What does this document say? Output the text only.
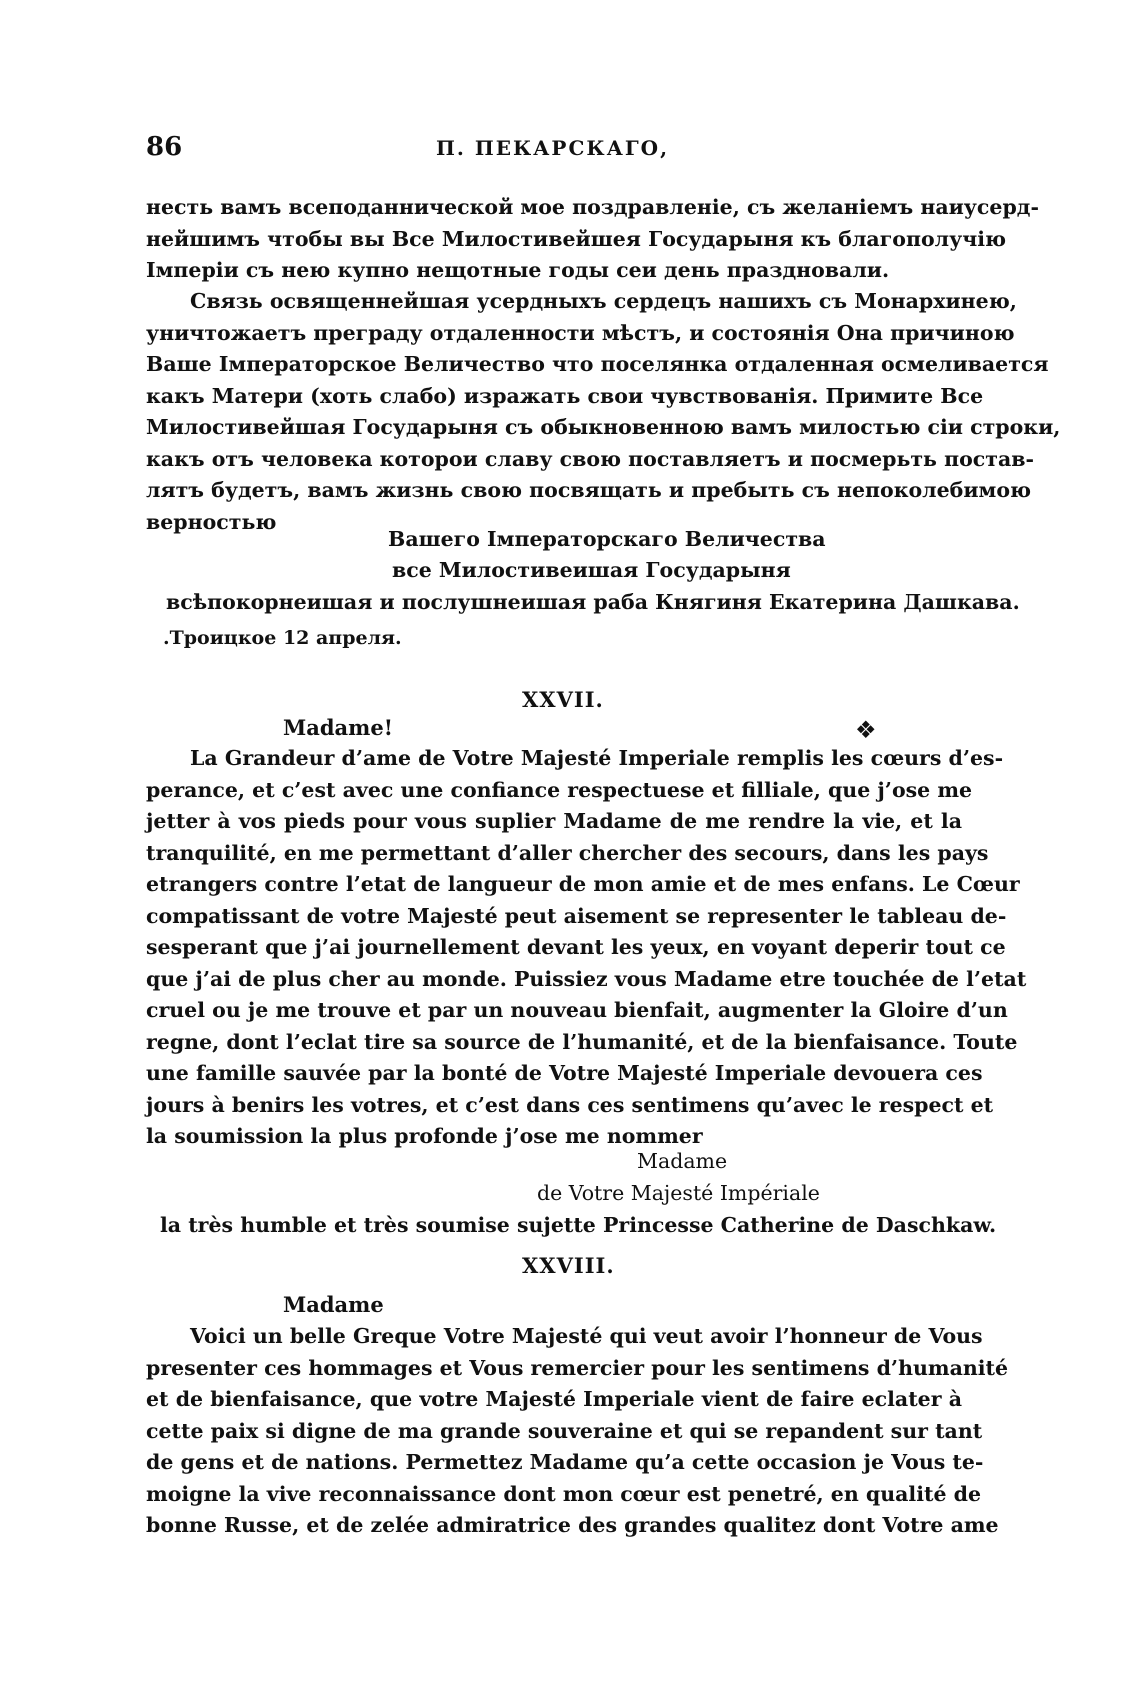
86	П. ПЕКАРСКАГО,
несть вамъ всеподаннической мое поздравленіе, съ желаніемъ наиусерд-
нейшимъ чтобы вы Все Милостивейшея Государыня къ благополучію
Імперіи съ нею купно нещотные годы сеи день праздновали.
Связь освященнейшая усердныхъ сердецъ нашихъ съ Монархинею,
уничтожаетъ преграду отдаленности мѣстъ, и состоянія Она причиною
Ваше Імператорское Величество что поселянка отдаленная осмеливается
какъ Матери (хоть слабо) изражать свои чувствованія. Примите Все
Милостивейшая Государыня съ обыкновенною вамъ милостью сіи строки,
какъ отъ человека которои славу свою поставляетъ и посмерьть постав-
лятъ будетъ, вамъ жизнь свою посвящать и пребыть съ непоколебимою
верностью
Вашего Імператорскаго Величества
все Милостивеишая Государыня
всѣпокорнеишая и послушнеишая раба Княгиня Екатерина Дашкава.
.Троицкое 12 апреля.
XXVII.
Madame!	❖
La Grandeur d’ame de Votre Majesté Imperiale remplis les cœurs d’es-
perance, et c’est avec une confiance respectuese et filliale, que j’ose me
jetter à vos pieds pour vous suplier Madame de me rendre la vie, et la
tranquilité, en me permettant d’aller chercher des secours, dans les pays
etrangers contre l’etat de langueur de mon amie et de mes enfans. Le Cœur
compatissant de votre Majesté peut aisement se representer le tableau de-
sesperant que j’ai journellement devant les yeux, en voyant deperir tout ce
que j’ai de plus cher au monde. Puissiez vous Madame etre touchée de l’etat
cruel ou je me trouve et par un nouveau bienfait, augmenter la Gloire d’un
regne, dont l’eclat tire sa source de l’humanité, et de la bienfaisance. Toute
une famille sauvée par la bonté de Votre Majesté Imperiale devouera ces
jours à benirs les votres, et c’est dans ces sentimens qu’avec le respect et
la soumission la plus profonde j’ose me nommer
Madame
de Votre Majesté Impériale
la très humble et très soumise sujette Princesse Catherine de Daschkaw.
XXVIII.
Madame
Voici un belle Greque Votre Majesté qui veut avoir l’honneur de Vous
presenter ces hommages et Vous remercier pour les sentimens d’humanité
et de bienfaisance, que votre Majesté Imperiale vient de faire eclater à
cette paix si digne de ma grande souveraine et qui se repandent sur tant
de gens et de nations. Permettez Madame qu’a cette occasion je Vous te-
moigne la vive reconnaissance dont mon cœur est penetré, en qualité de
bonne Russe, et de zelée admiratrice des grandes qualitez dont Votre ame
